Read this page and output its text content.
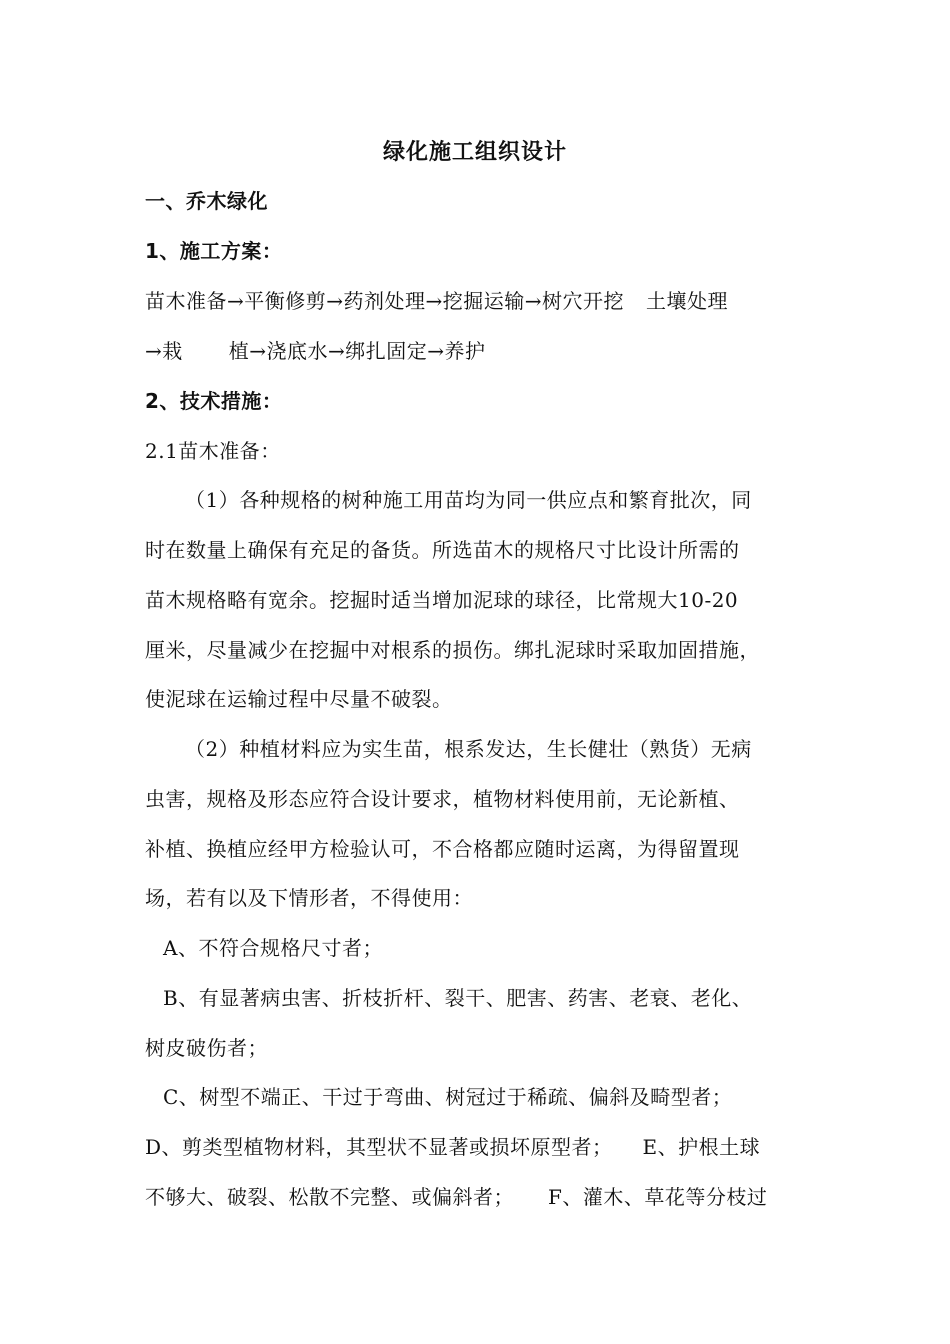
绿化施工组织设计
一、乔木绿化
1、施工方案：
苗木准备→平衡修剪→药剂处理→挖掘运输→树穴开挖 土壤处理
→栽 植→浇底水→绑扎固定→养护
2、技术措施：
2.1苗木准备：
（1）各种规格的树种施工用苗均为同一供应点和繁育批次，同
时在数量上确保有充足的备货。所选苗木的规格尺寸比设计所需的
苗木规格略有宽余。挖掘时适当增加泥球的球径，比常规大10-20
厘米，尽量减少在挖掘中对根系的损伤。绑扎泥球时采取加固措施，
使泥球在运输过程中尽量不破裂。
（2）种植材料应为实生苗，根系发达，生长健壮（熟货）无病
虫害，规格及形态应符合设计要求，植物材料使用前，无论新植、
补植、换植应经甲方检验认可，不合格都应随时运离，为得留置现
场，若有以及下情形者，不得使用：
A、不符合规格尺寸者；
B、有显著病虫害、折枝折杆、裂干、肥害、药害、老衰、老化、
树皮破伤者；
C、树型不端正、干过于弯曲、树冠过于稀疏、偏斜及畸型者；
D、剪类型植物材料，其型状不显著或损坏原型者； E、护根土球
不够大、破裂、松散不完整、或偏斜者； F、灌木、草花等分枝过
